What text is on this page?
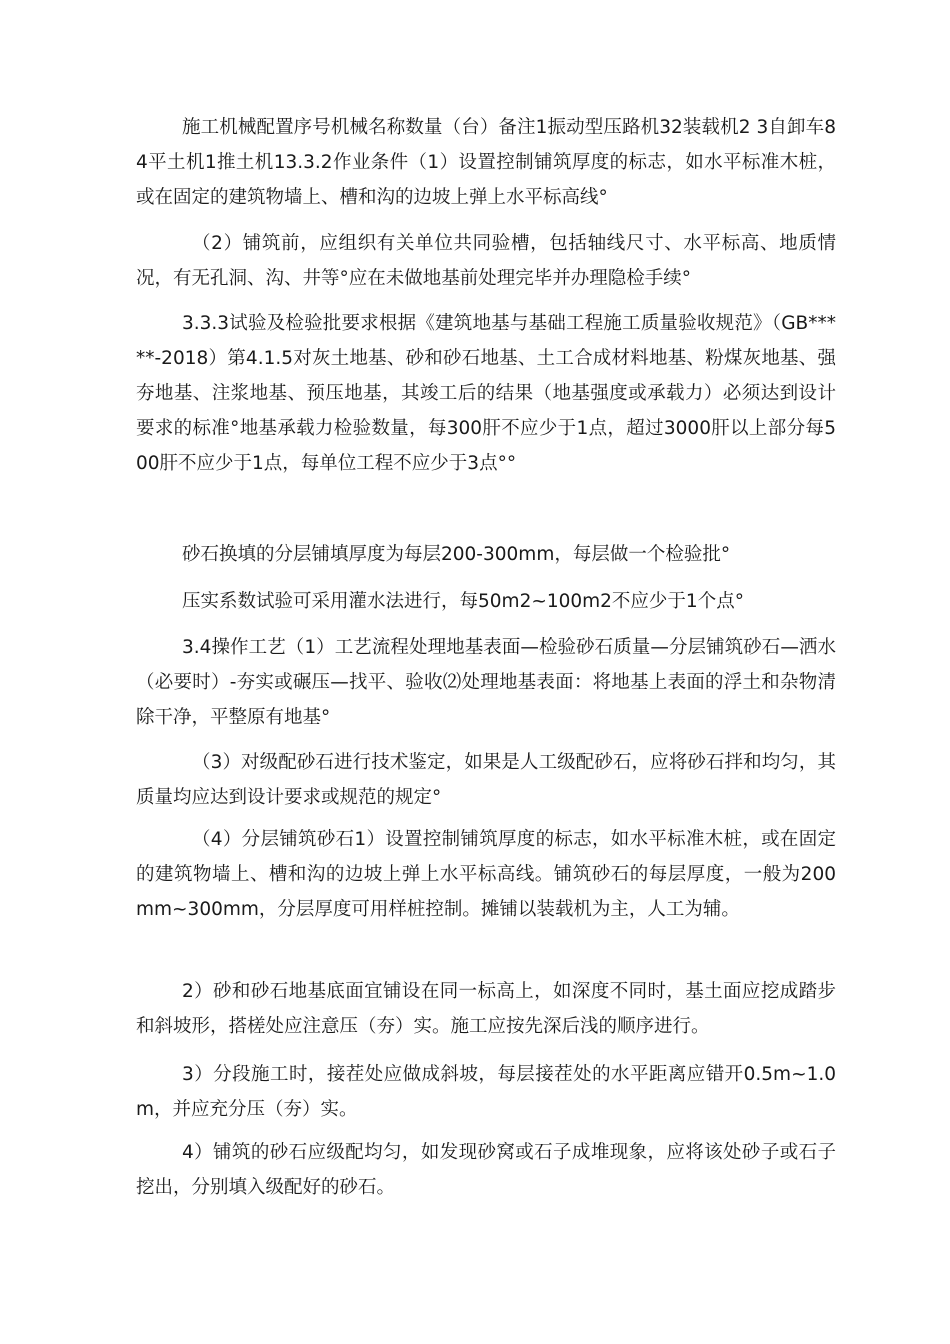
施工机械配置序号机械名称数量（台）备注1振动型压路机32装载机2 3自卸车84平土机1推土机13.3.2作业条件（1）设置控制铺筑厚度的标志，如水平标准木桩，或在固定的建筑物墙上、槽和沟的边坡上弹上水平标高线°

（2）铺筑前，应组织有关单位共同验槽，包括轴线尺寸、水平标高、地质情况，有无孔洞、沟、井等°应在未做地基前处理完毕并办理隐检手续°

3.3.3试验及检验批要求根据《建筑地基与基础工程施工质量验收规范》（GB*****-2018）第4.1.5对灰土地基、砂和砂石地基、土工合成材料地基、粉煤灰地基、强夯地基、注浆地基、预压地基，其竣工后的结果（地基强度或承载力）必须达到设计要求的标准°地基承载力检验数量，每300肝不应少于1点，超过3000肝以上部分每500肝不应少于1点，每单位工程不应少于3点°°

砂石换填的分层铺填厚度为每层200-300mm，每层做一个检验批°

压实系数试验可采用灌水法进行，每50m2~100m2不应少于1个点°

3.4操作工艺（1）工艺流程处理地基表面—检验砂石质量—分层铺筑砂石—洒水（必要时）-夯实或碾压—找平、验收⑵处理地基表面：将地基上表面的浮土和杂物清除干净，平整原有地基°

（3）对级配砂石进行技术鉴定，如果是人工级配砂石，应将砂石拌和均匀，其质量均应达到设计要求或规范的规定°

（4）分层铺筑砂石1）设置控制铺筑厚度的标志，如水平标准木桩，或在固定的建筑物墙上、槽和沟的边坡上弹上水平标高线。铺筑砂石的每层厚度，一般为200mm~300mm，分层厚度可用样桩控制。摊铺以装载机为主，人工为辅。

2）砂和砂石地基底面宜铺设在同一标高上，如深度不同时，基土面应挖成踏步和斜坡形，搭槎处应注意压（夯）实。施工应按先深后浅的顺序进行。

3）分段施工时，接茬处应做成斜坡，每层接茬处的水平距离应错开0.5m~1.0m，并应充分压（夯）实。

4）铺筑的砂石应级配均匀，如发现砂窝或石子成堆现象，应将该处砂子或石子挖出，分别填入级配好的砂石。
